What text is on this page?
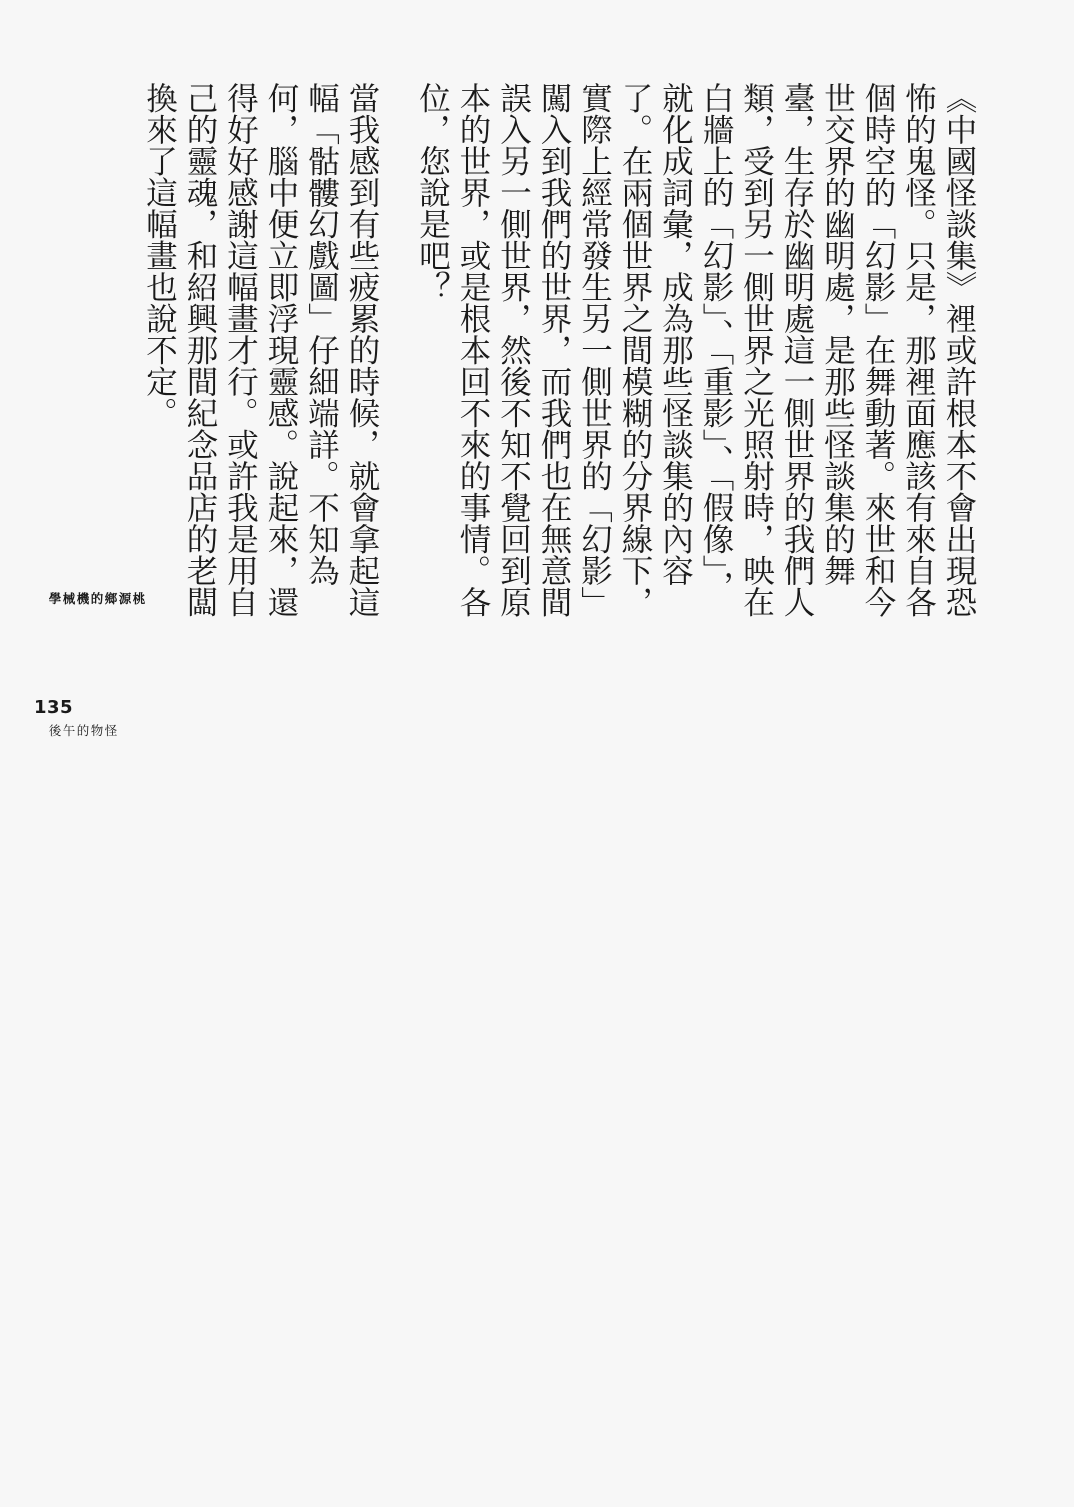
《中國怪談集》裡或許根本不會出現恐怖的鬼怪。只是，那裡面應該有來自各個時空的「幻影」在舞動著。來世和今世交界的幽明處，是那些怪談集的舞臺，生存於幽明處這一側世界的我們人類，受到另一側世界之光照射時，映在白牆上的「幻影」、「重影」、「假像」，就化成詞彙，成為那些怪談集的內容了。在兩個世界之間模糊的分界線下，實際上經常發生另一側世界的「幻影」闖入到我們的世界，而我們也在無意間誤入另一側世界，然後不知不覺回到原本的世界，或是根本回不來的事情。各位，您說是吧？

當我感到有些疲累的時候，就會拿起這幅「骷髏幻戲圖」仔細端詳。不知為何，腦中便立即浮現靈感。說起來，還得好好感謝這幅畫才行。或許我是用自己的靈魂，和紹興那間紀念品店的老闆換來了這幅畫也說不定。

桃源鄉的機械學
135
怪物的午後
